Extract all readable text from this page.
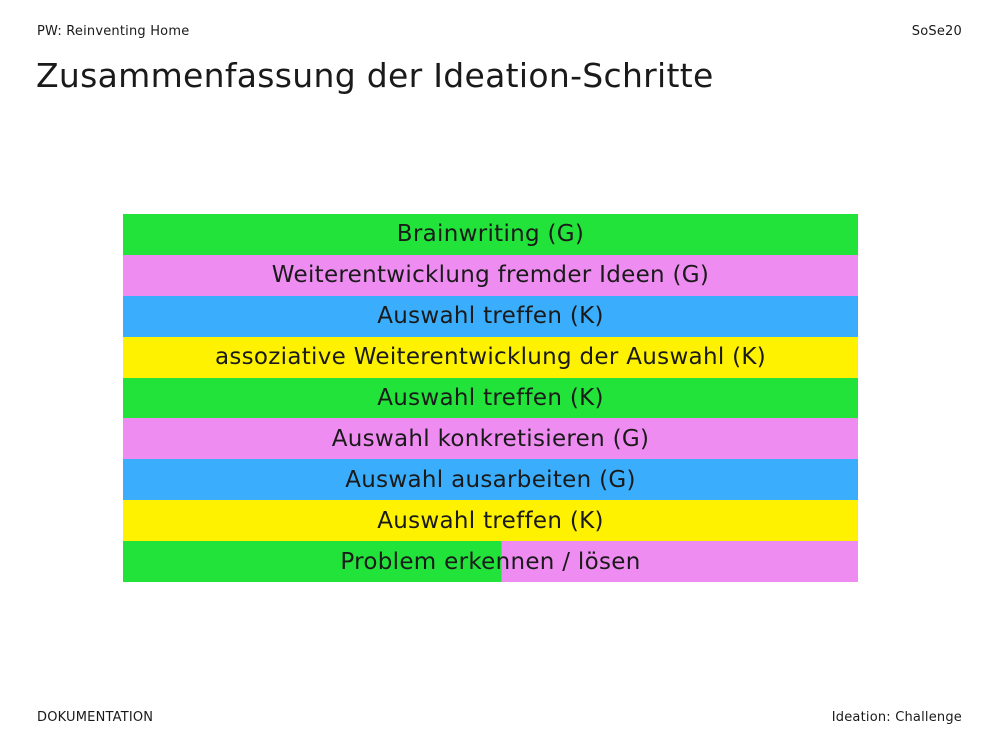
PW: Reinventing Home	SoSe20
Zusammenfassung der Ideation-Schritte
Brainwriting (G)
Weiterentwicklung fremder Ideen (G)
Auswahl treffen (K)
assoziative Weiterentwicklung der Auswahl (K)
Auswahl treffen (K)
Auswahl konkretisieren (G)
Auswahl ausarbeiten (G)
Auswahl treffen (K)
Problem erkennen / lösen
DOKUMENTATION	Ideation: Challenge
